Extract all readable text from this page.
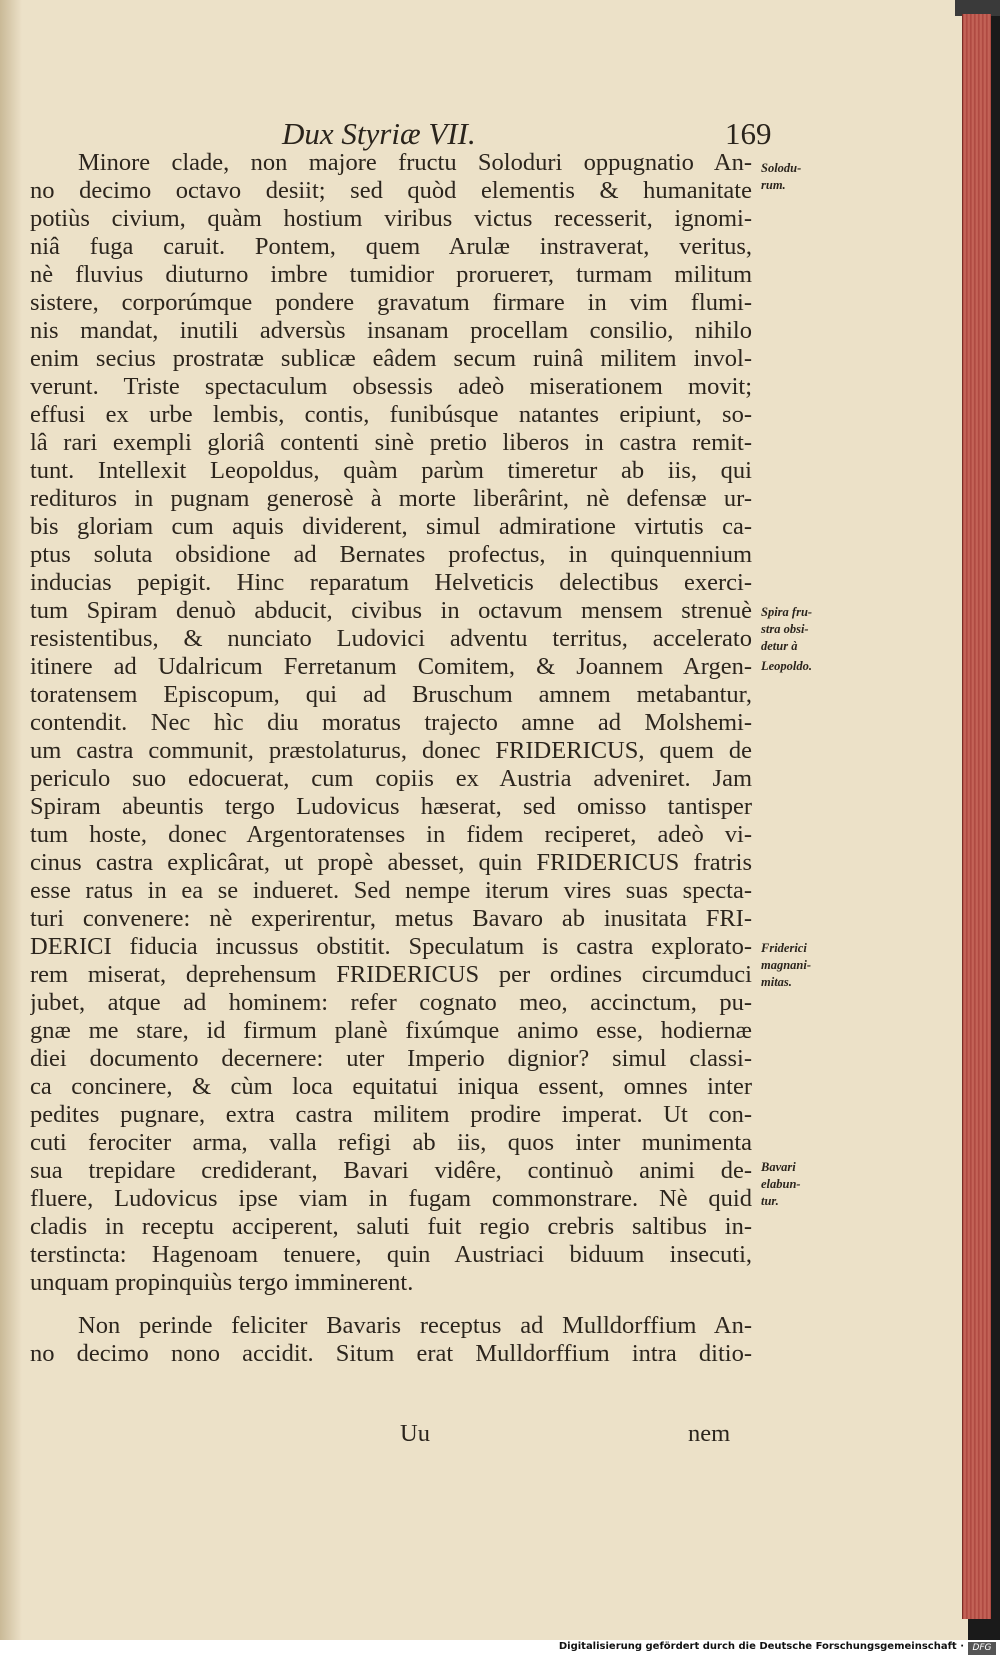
Dux Styriæ VII.	169
Minore clade, non majore fructu Soloduri oppugnatio An-
no decimo octavo desiit; sed quòd elementis & humanitate
potiùs civium, quàm hostium viribus victus recesserit, ignomi-
niâ fuga caruit. Pontem, quem Arulæ instraverat, veritus,
nè fluvius diuturno imbre tumidior proruerет, turmam militum
sistere, corporúmque pondere gravatum firmare in vim flumi-
nis mandat, inutili adversùs insanam procellam consilio, nihilo
enim secius prostratæ sublicæ eâdem secum ruinâ militem invol-
verunt. Triste spectaculum obsessis adeò miserationem movit;
effusi ex urbe lembis, contis, funibúsque natantes eripiunt, so-
lâ rari exempli gloriâ contenti sinè pretio liberos in castra remit-
tunt. Intellexit Leopoldus, quàm parùm timeretur ab iis, qui
redituros in pugnam generosè à morte liberârint, nè defensæ ur-
bis gloriam cum aquis dividerent, simul admiratione virtutis ca-
ptus soluta obsidione ad Bernates profectus, in quinquennium
inducias pepigit. Hinc reparatum Helveticis delectibus exerci-
tum Spiram denuò abducit, civibus in octavum mensem strenuè
resistentibus, & nunciato Ludovici adventu territus, accelerato
itinere ad Udalricum Ferretanum Comitem, & Joannem Argen-
toratensem Episcopum, qui ad Bruschum amnem metabantur,
contendit. Nec hìc diu moratus trajecto amne ad Molshemi-
um castra communit, præstolaturus, donec FRIDERICUS, quem de
periculo suo edocuerat, cum copiis ex Austria adveniret. Jam
Spiram abeuntis tergo Ludovicus hæserat, sed omisso tantisper
tum hoste, donec Argentoratenses in fidem reciperet, adeò vi-
cinus castra explicârat, ut propè abesset, quin FRIDERICUS fratris
esse ratus in ea se indueret. Sed nempe iterum vires suas specta-
turi convenere: nè experirentur, metus Bavaro ab inusitata FRI-
DERICI fiducia incussus obstitit. Speculatum is castra explorato-
rem miserat, deprehensum FRIDERICUS per ordines circumduci
jubet, atque ad hominem: refer cognato meo, accinctum, pu-
gnæ me stare, id firmum planè fixúmque animo esse, hodiernæ
diei documento decernere: uter Imperio dignior? simul classi-
ca concinere, & cùm loca equitatui iniqua essent, omnes inter
pedites pugnare, extra castra militem prodire imperat. Ut con-
cuti ferociter arma, valla refigi ab iis, quos inter munimenta
sua trepidare crediderant, Bavari vidêre, continuò animi de-
fluere, Ludovicus ipse viam in fugam commonstrare. Nè quid
cladis in receptu acciperent, saluti fuit regio crebris saltibus in-
terstincta: Hagenoam tenuere, quin Austriaci biduum insecuti,
unquam propinquiùs tergo imminerent.
Non perinde feliciter Bavaris receptus ad Mulldorffium An-
no decimo nono accidit. Situm erat Mulldorffium intra ditio-
Solodu-
rum.
Spira fru-
stra obsi-
detur à
Leopoldo.
Friderici
magnani-
mitas.
Bavari
elabun-
tur.
Uu	nem
Digitalisierung gefördert durch die Deutsche Forschungsgemeinschaft · DFG
